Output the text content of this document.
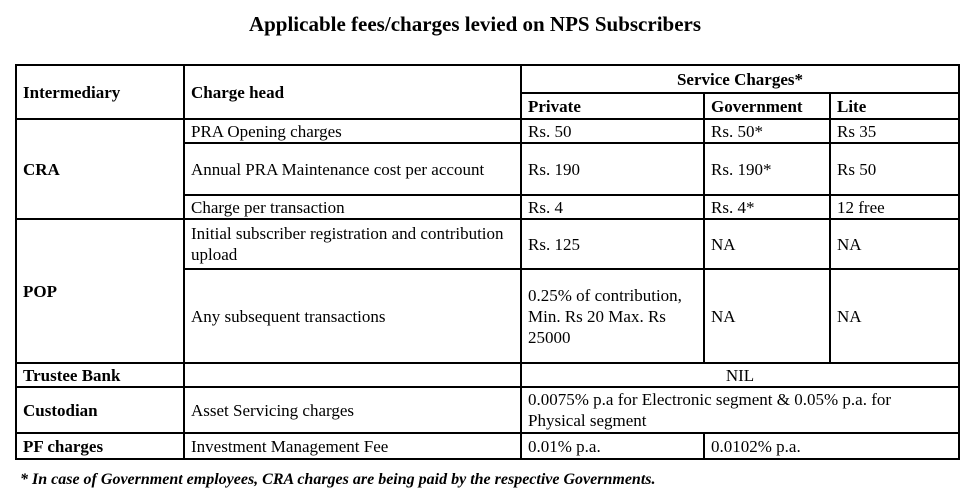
Applicable fees/charges levied on NPS Subscribers
Intermediary	Charge head	Service Charges*		
		Private	Government	Lite
CRA	PRA Opening charges	Rs. 50	Rs. 50*	Rs 35
	Annual PRA Maintenance cost per account	Rs. 190	Rs. 190*	Rs 50
	Charge per transaction	Rs. 4	Rs. 4*	12 free
POP	Initial subscriber registration and contribution upload	Rs. 125	NA	NA
	Any subsequent transactions	0.25% of contribution, Min. Rs 20 Max. Rs 25000	NA	NA
Trustee Bank		NIL		
Custodian	Asset Servicing charges	0.0075% p.a for Electronic segment & 0.05% p.a. for Physical segment		
PF charges	Investment Management Fee	0.01% p.a.	0.0102% p.a.	
* In case of Government employees, CRA charges are being paid by the respective Governments.
